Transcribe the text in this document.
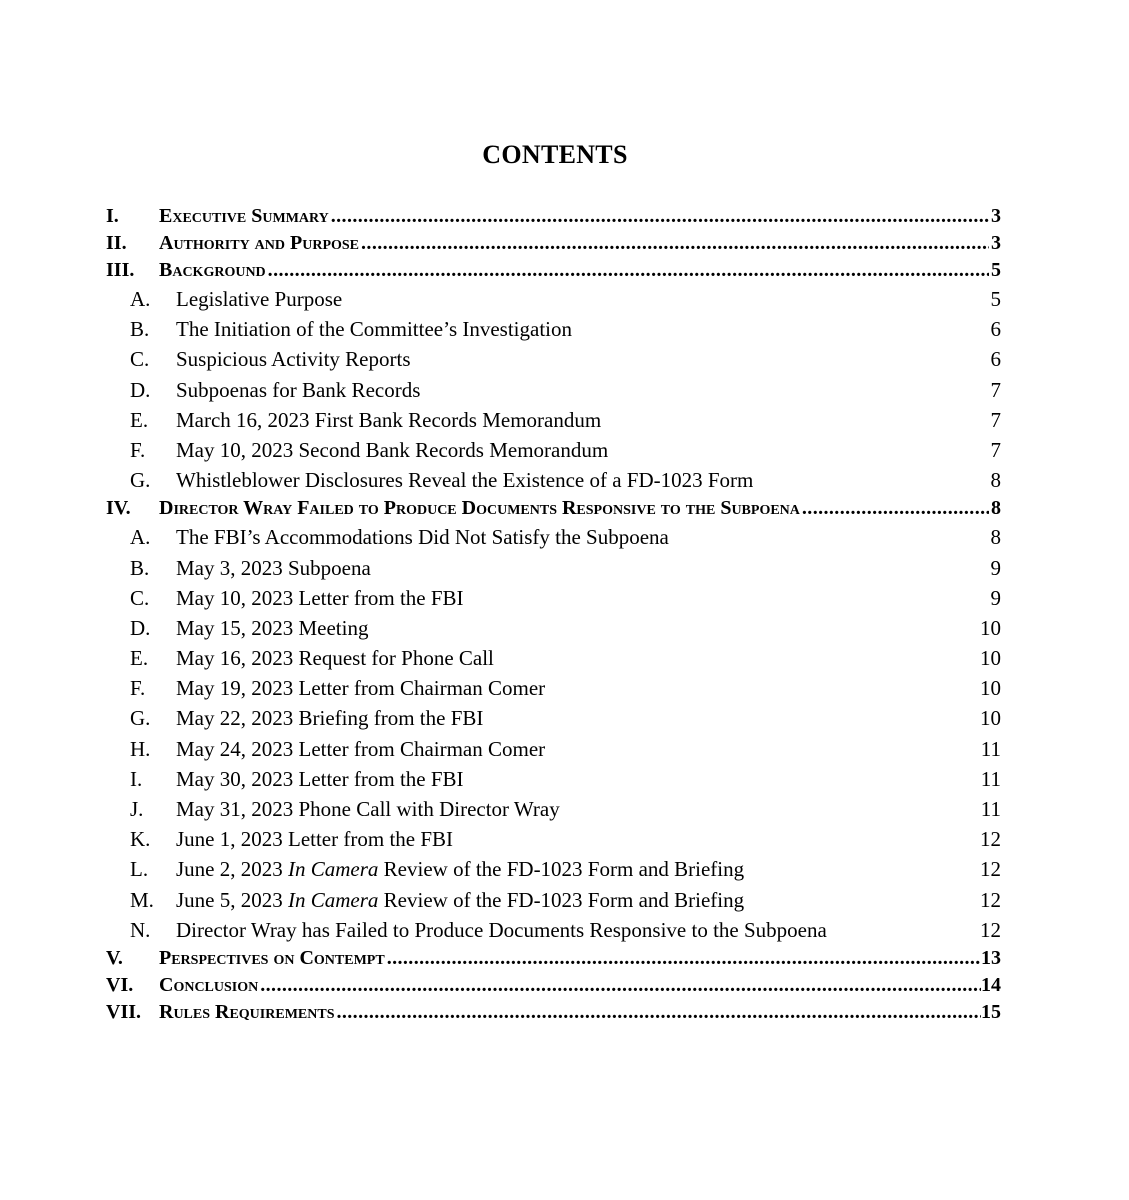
CONTENTS
I.	Executive Summary .....	3
II.	Authority and Purpose .....	3
III.	Background .....	5
A.	Legislative Purpose	5
B.	The Initiation of the Committee’s Investigation	6
C.	Suspicious Activity Reports	6
D.	Subpoenas for Bank Records	7
E.	March 16, 2023 First Bank Records Memorandum	7
F.	May 10, 2023 Second Bank Records Memorandum	7
G.	Whistleblower Disclosures Reveal the Existence of a FD-1023 Form	8
IV.	Director Wray Failed to Produce Documents Responsive to the Subpoena .....	8
A.	The FBI’s Accommodations Did Not Satisfy the Subpoena	8
B.	May 3, 2023 Subpoena	9
C.	May 10, 2023 Letter from the FBI	9
D.	May 15, 2023 Meeting	10
E.	May 16, 2023 Request for Phone Call	10
F.	May 19, 2023 Letter from Chairman Comer	10
G.	May 22, 2023 Briefing from the FBI	10
H.	May 24, 2023 Letter from Chairman Comer	11
I.	May 30, 2023 Letter from the FBI	11
J.	May 31, 2023 Phone Call with Director Wray	11
K.	June 1, 2023 Letter from the FBI	12
L.	June 2, 2023 In Camera Review of the FD-1023 Form and Briefing	12
M.	June 5, 2023 In Camera Review of the FD-1023 Form and Briefing	12
N.	Director Wray has Failed to Produce Documents Responsive to the Subpoena	12
V.	Perspectives on Contempt .....	13
VI.	Conclusion .....	14
VII. Rules Requirements .....	15
